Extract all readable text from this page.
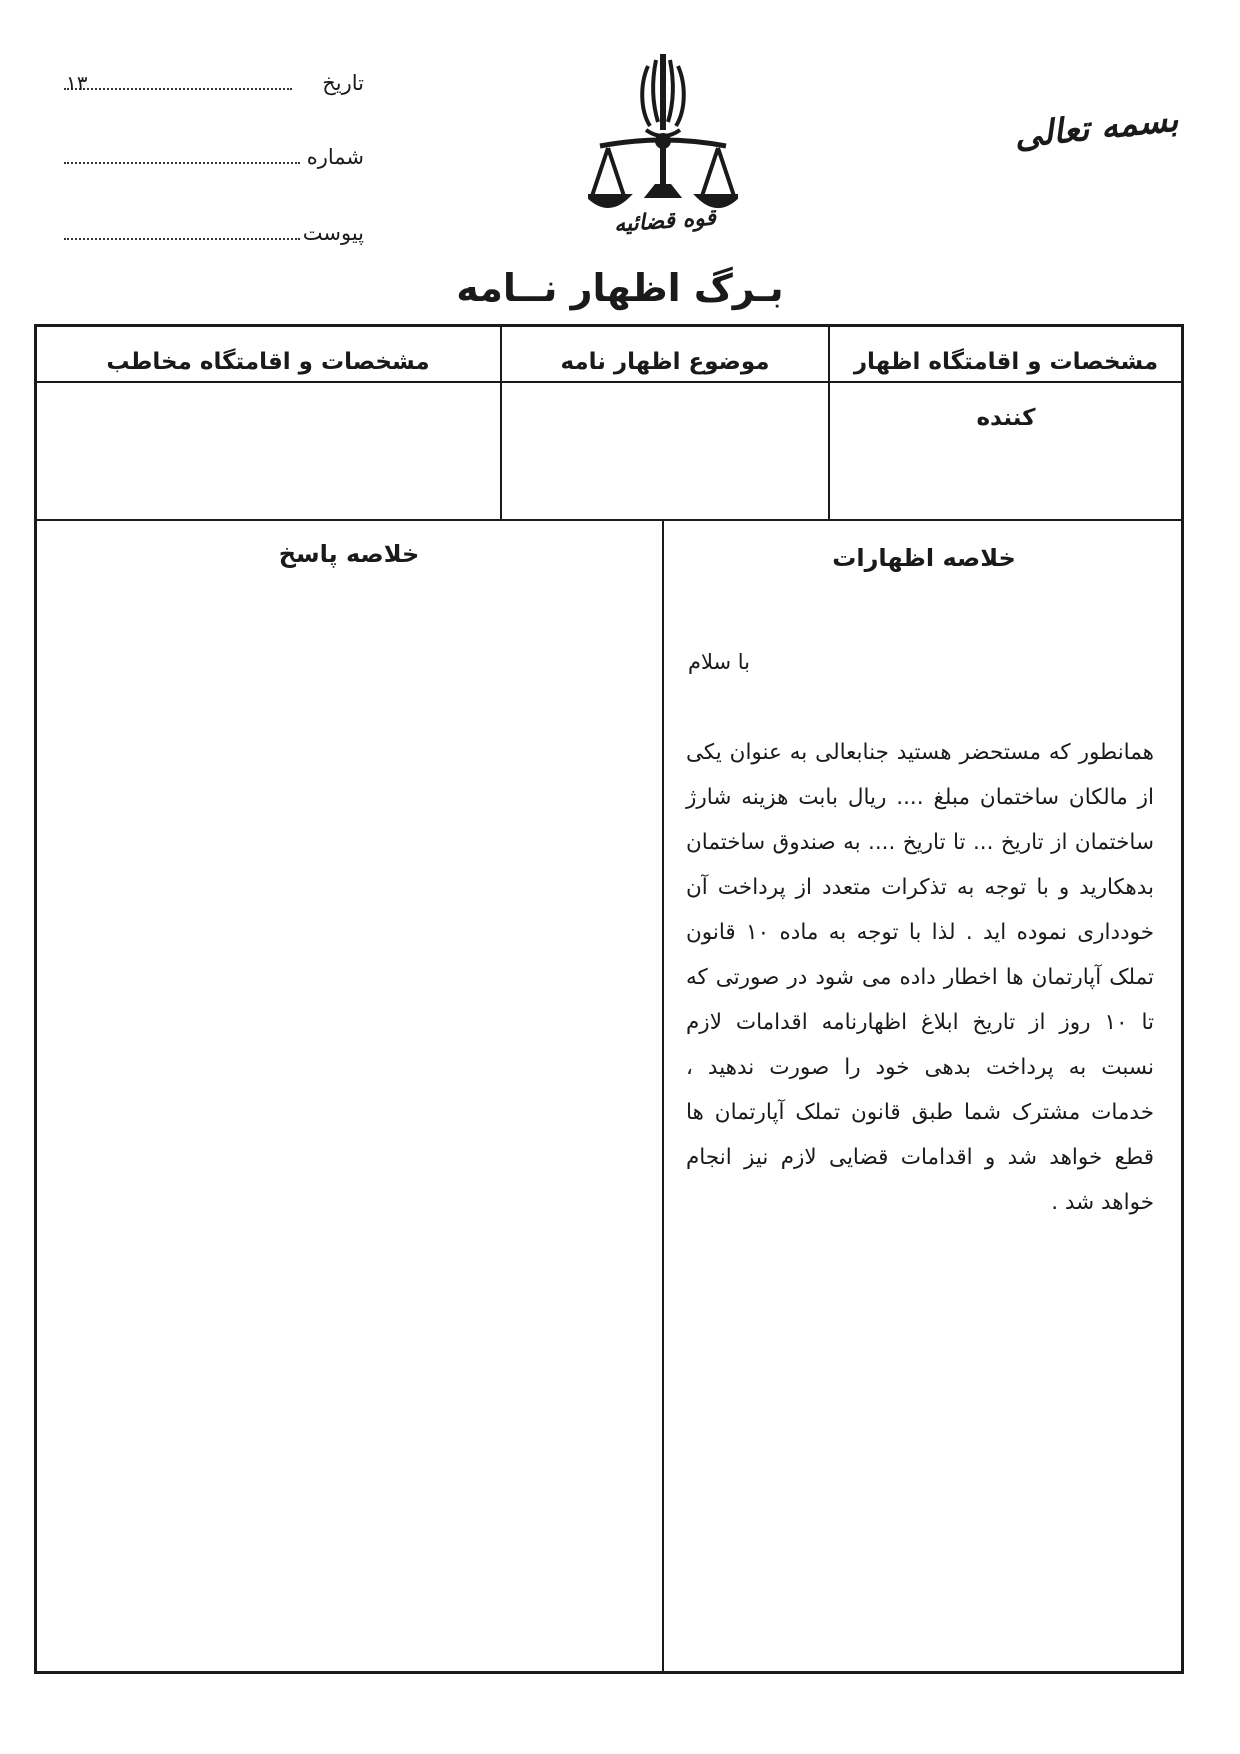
تاریخ
۱۳
شماره
پیوست
بسمه تعالی
قوه قضائیه
بـرگ اظهار نــامه
مشخصات و اقامتگاه اظهار کننده
موضوع اظهار نامه
مشخصات و اقامتگاه مخاطب
خلاصه اظهارات
خلاصه پاسخ
با سلام
همانطور که مستحضر هستید جنابعالی به عنوان یکی از مالکان ساختمان مبلغ .... ریال بابت هزینه شارژ ساختمان از تاریخ ... تا تاریخ .... به صندوق ساختمان بدهکارید و با توجه به تذکرات متعدد از پرداخت آن خودداری نموده اید . لذا با توجه به ماده ۱۰ قانون تملک آپارتمان ها اخطار داده می شود در صورتی که تا ۱۰ روز از تاریخ ابلاغ اظهارنامه اقدامات لازم نسبت به پرداخت بدهی خود را صورت ندهید ، خدمات مشترک شما طبق قانون تملک آپارتمان ها قطع خواهد شد و اقدامات قضایی لازم نیز انجام خواهد شد .
